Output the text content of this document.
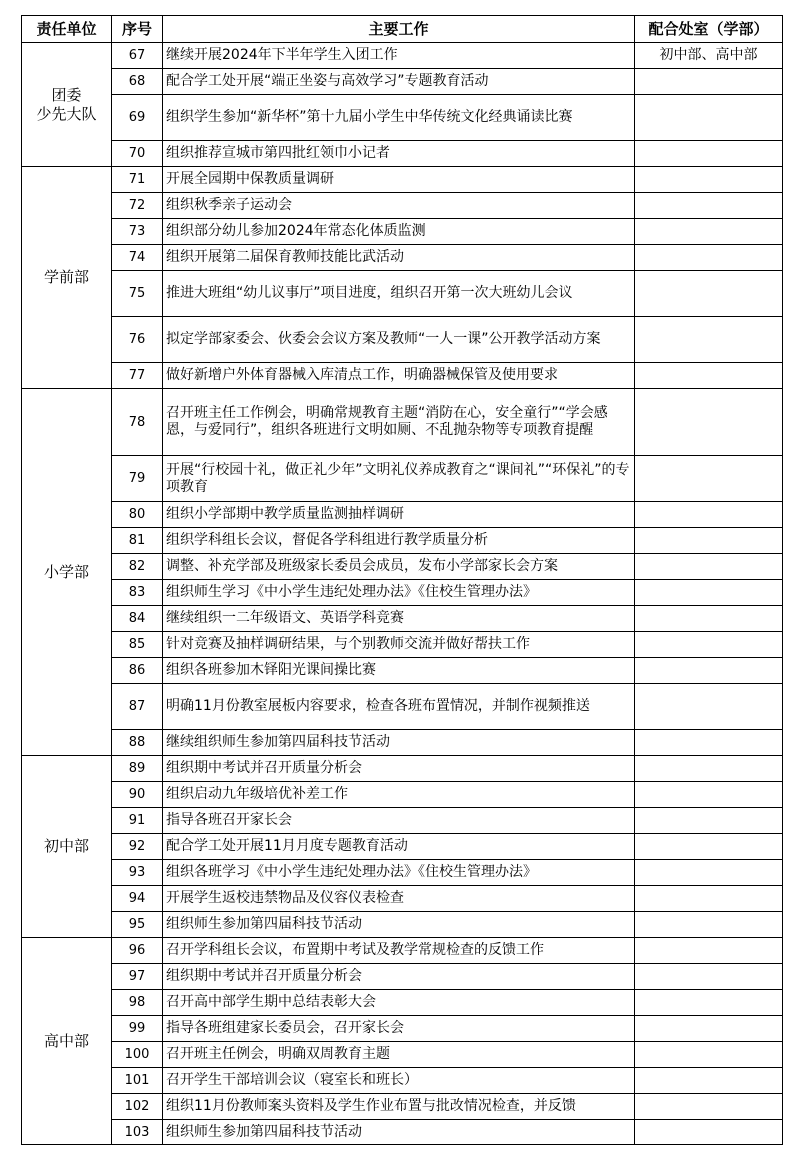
责任单位	序号	主要工作	配合处室（学部）

团委
少先大队	67	继续开展2024年下半年学生入团工作	初中部、高中部
	68	配合学工处开展“端正坐姿与高效学习”专题教育活动	
	69	组织学生参加“新华杯”第十九届小学生中华传统文化经典诵读比赛	
	70	组织推荐宣城市第四批红领巾小记者	

学前部	71	开展全园期中保教质量调研	
	72	组织秋季亲子运动会	
	73	组织部分幼儿参加2024年常态化体质监测	
	74	组织开展第二届保育教师技能比武活动	
	75	推进大班组“幼儿议事厅”项目进度，组织召开第一次大班幼儿会议	
	76	拟定学部家委会、伙委会会议方案及教师“一人一课”公开教学活动方案	
	77	做好新增户外体育器械入库清点工作，明确器械保管及使用要求	

小学部	78	召开班主任工作例会，明确常规教育主题“消防在心，安全童行”“学会感恩，与爱同行”，组织各班进行文明如厕、不乱抛杂物等专项教育提醒	
	79	开展“行校园十礼，做正礼少年”文明礼仪养成教育之“课间礼”“环保礼”的专项教育	
	80	组织小学部期中教学质量监测抽样调研	
	81	组织学科组长会议，督促各学科组进行教学质量分析	
	82	调整、补充学部及班级家长委员会成员，发布小学部家长会方案	
	83	组织师生学习《中小学生违纪处理办法》《住校生管理办法》	
	84	继续组织一二年级语文、英语学科竞赛	
	85	针对竞赛及抽样调研结果，与个别教师交流并做好帮扶工作	
	86	组织各班参加木铎阳光课间操比赛	
	87	明确11月份教室展板内容要求，检查各班布置情况，并制作视频推送	
	88	继续组织师生参加第四届科技节活动	

初中部	89	组织期中考试并召开质量分析会	
	90	组织启动九年级培优补差工作	
	91	指导各班召开家长会	
	92	配合学工处开展11月月度专题教育活动	
	93	组织各班学习《中小学生违纪处理办法》《住校生管理办法》	
	94	开展学生返校违禁物品及仪容仪表检查	
	95	组织师生参加第四届科技节活动	

高中部	96	召开学科组长会议，布置期中考试及教学常规检查的反馈工作	
	97	组织期中考试并召开质量分析会	
	98	召开高中部学生期中总结表彰大会	
	99	指导各班组建家长委员会，召开家长会	
	100	召开班主任例会，明确双周教育主题	
	101	召开学生干部培训会议（寝室长和班长）	
	102	组织11月份教师案头资料及学生作业布置与批改情况检查，并反馈	
	103	组织师生参加第四届科技节活动	
